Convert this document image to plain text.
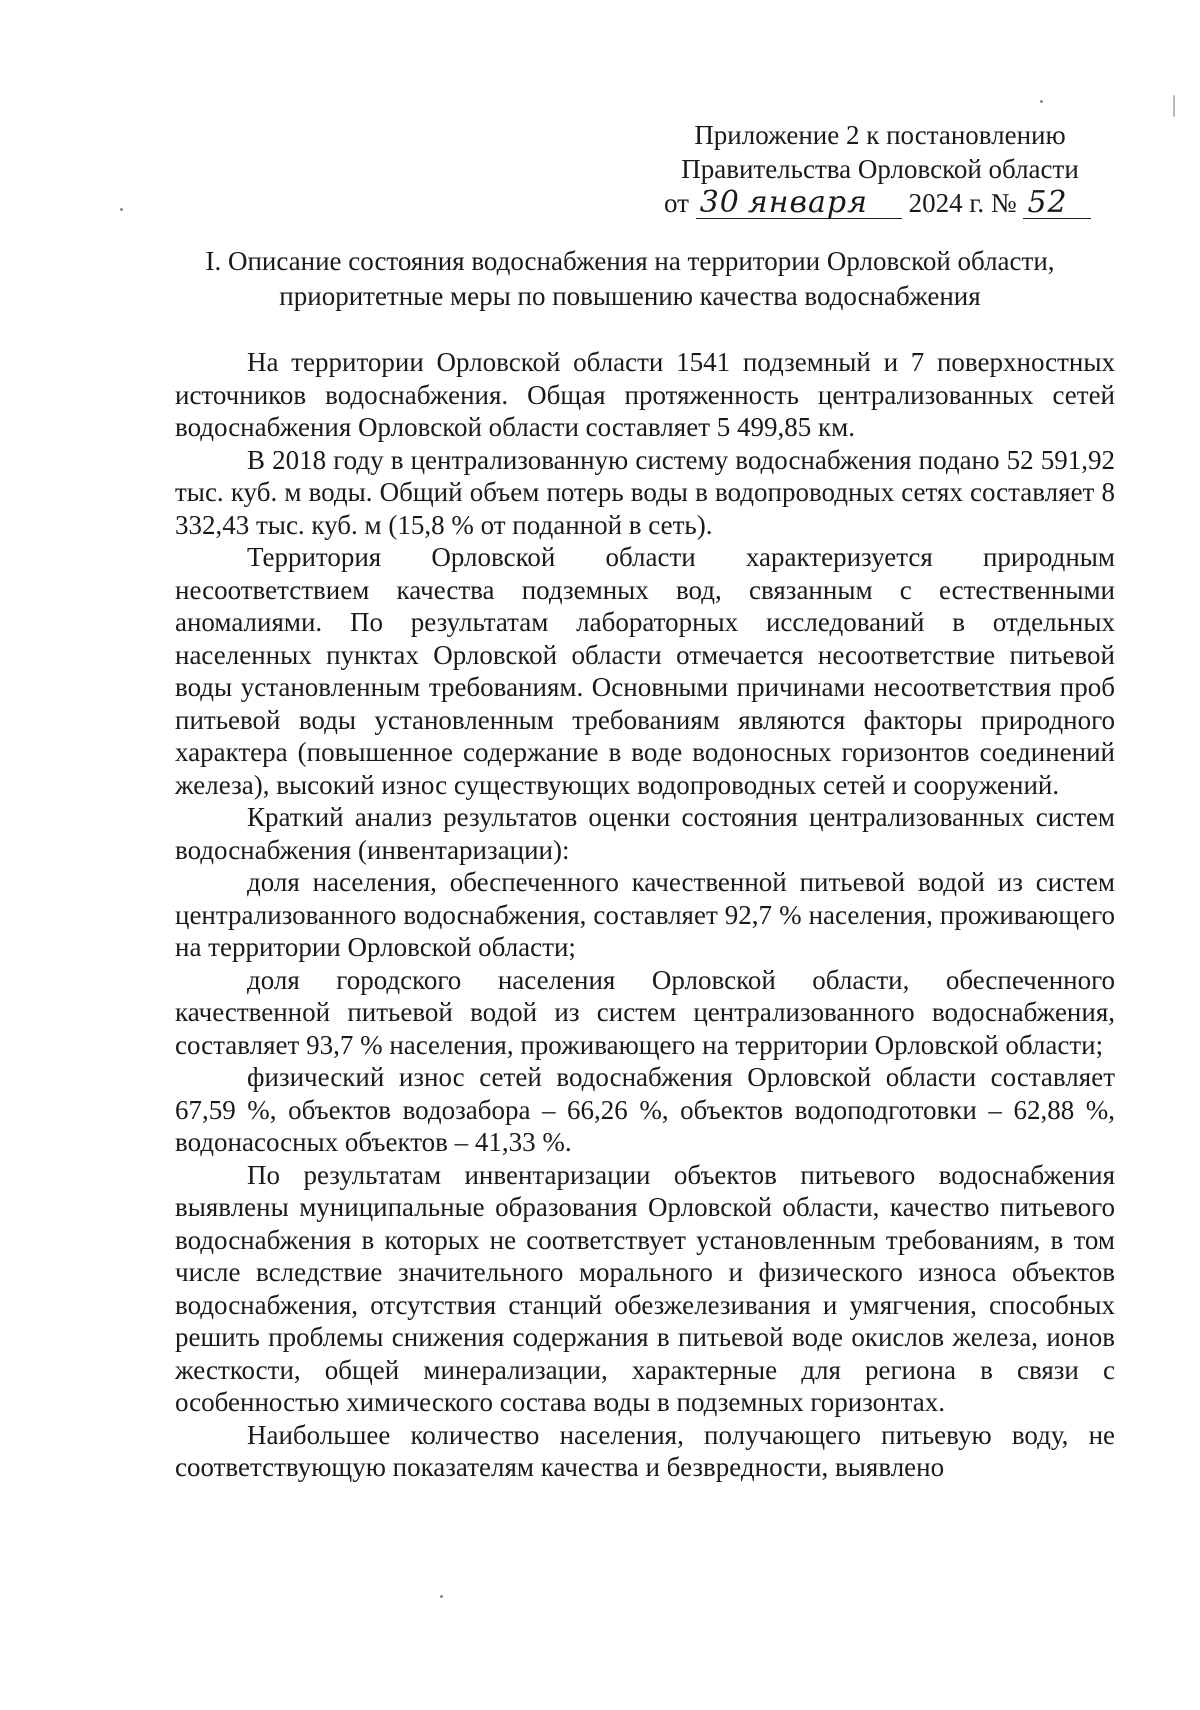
Приложение 2 к постановлению
Правительства Орловской области
от 30 января 2024 г. № 52
I. Описание состояния водоснабжения на территории Орловской области,
приоритетные меры по повышению качества водоснабжения

На территории Орловской области 1541 подземный и 7 поверхностных источников водоснабжения. Общая протяженность централизованных сетей водоснабжения Орловской области составляет 5 499,85 км.

В 2018 году в централизованную систему водоснабжения подано 52 591,92 тыс. куб. м воды. Общий объем потерь воды в водопроводных сетях составляет 8 332,43 тыс. куб. м (15,8 % от поданной в сеть).

Территория Орловской области характеризуется природным несоответствием качества подземных вод, связанным с естественными аномалиями. По результатам лабораторных исследований в отдельных населенных пунктах Орловской области отмечается несоответствие питьевой воды установленным требованиям. Основными причинами несоответствия проб питьевой воды установленным требованиям являются факторы природного характера (повышенное содержание в воде водоносных горизонтов соединений железа), высокий износ существующих водопроводных сетей и сооружений.

Краткий анализ результатов оценки состояния централизованных систем водоснабжения (инвентаризации):

доля населения, обеспеченного качественной питьевой водой из систем централизованного водоснабжения, составляет 92,7 % населения, проживающего на территории Орловской области;

доля городского населения Орловской области, обеспеченного качественной питьевой водой из систем централизованного водоснабжения, составляет 93,7 % населения, проживающего на территории Орловской области;

физический износ сетей водоснабжения Орловской области составляет 67,59 %, объектов водозабора – 66,26 %, объектов водоподготовки – 62,88 %, водонасосных объектов – 41,33 %.

По результатам инвентаризации объектов питьевого водоснабжения выявлены муниципальные образования Орловской области, качество питьевого водоснабжения в которых не соответствует установленным требованиям, в том числе вследствие значительного морального и физического износа объектов водоснабжения, отсутствия станций обезжелезивания и умягчения, способных решить проблемы снижения содержания в питьевой воде окислов железа, ионов жесткости, общей минерализации, характерные для региона в связи с особенностью химического состава воды в подземных горизонтах.

Наибольшее количество населения, получающего питьевую воду, не соответствующую показателям качества и безвредности, выявлено
